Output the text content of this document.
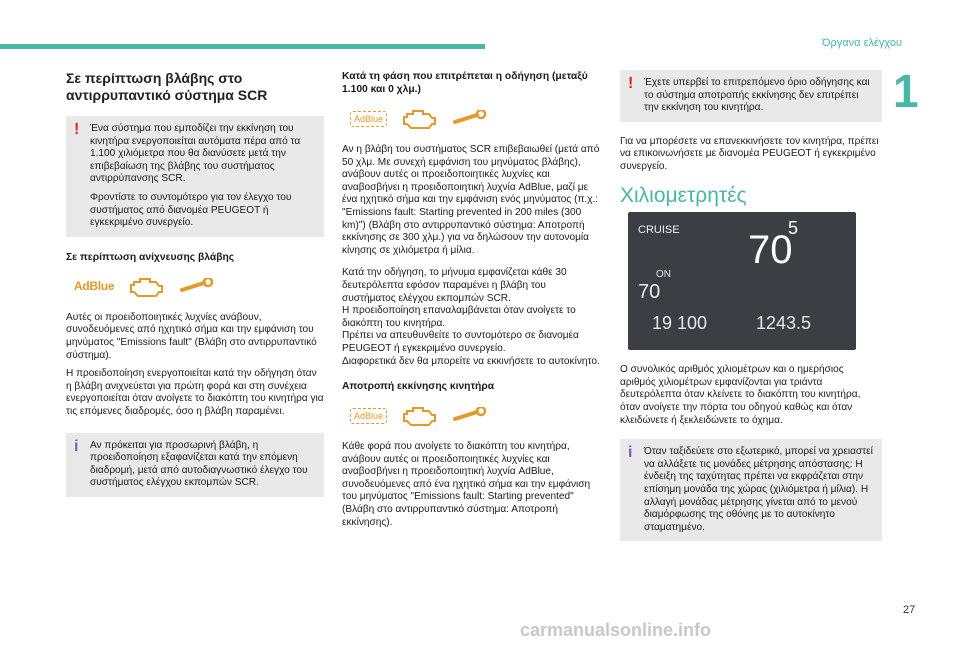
Όργανα ελέγχου
1
27
carmanualsonline.info
Σε περίπτωση βλάβης στο αντιρρυπαντικό σύστημα SCR
! Ένα σύστημα που εμποδίζει την εκκίνηση του κινητήρα ενεργοποιείται αυτόματα πέρα από τα 1.100 χιλιόμετρα που θα διανύσετε μετά την επιβεβαίωση της βλάβης του συστήματος αντιρρύπανσης SCR.

Φροντίστε το συντομότερο για τον έλεγχο του συστήματος από διανομέα PEUGEOT ή εγκεκριμένο συνεργείο.

Σε περίπτωση ανίχνευσης βλάβης
AdBlue

Αυτές οι προειδοποιητικές λυχνίες ανάβουν, συνοδευόμενες από ηχητικό σήμα και την εμφάνιση του μηνύματος "Emissions fault" (Βλάβη στο αντιρρυπαντικό σύστημα).

Η προειδοποίηση ενεργοποιείται κατά την οδήγηση όταν η βλάβη ανιχνεύεται για πρώτη φορά και στη συνέχεια ενεργοποιείται όταν ανοίγετε το διακόπτη του κινητήρα για τις επόμενες διαδρομές, όσο η βλάβη παραμένει.

i Αν πρόκειται για προσωρινή βλάβη, η προειδοποίηση εξαφανίζεται κατά την επόμενη διαδρομή, μετά από αυτοδιαγνωστικό έλεγχο του συστήματος ελέγχου εκπομπών SCR.

Κατά τη φάση που επιτρέπεται η οδήγηση (μεταξύ 1.100 και 0 χλμ.)
AdBlue

Αν η βλάβη του συστήματος SCR επιβεβαιωθεί (μετά από 50 χλμ. Με συνεχή εμφάνιση του μηνύματος βλάβης), ανάβουν αυτές οι προειδοποιητικές λυχνίες και αναβοσβήνει η προειδοποιητική λυχνία AdBlue, μαζί με ένα ηχητικό σήμα και την εμφάνιση ενός μηνύματος (π.χ.: "Emissions fault: Starting prevented in 200 miles (300 km)") (Βλάβη στο αντιρρυπαντικό σύστημα: Αποτροπή εκκίνησης σε 300 χλμ.) για να δηλώσουν την αυτονομία κίνησης σε χιλιόμετρα ή μίλια.

Κατά την οδήγηση, το μήνυμα εμφανίζεται κάθε 30 δευτερόλεπτα εφόσον παραμένει η βλάβη του συστήματος ελέγχου εκπομπών SCR.

Η προειδοποίηση επαναλαμβάνεται όταν ανοίγετε το διακόπτη του κινητήρα.

Πρέπει να απευθυνθείτε το συντομότερο σε διανομέα PEUGEOT ή εγκεκριμένο συνεργείο.

Διαφορετικά δεν θα μπορείτε να εκκινήσετε το αυτοκίνητο.

Αποτροπή εκκίνησης κινητήρα
AdBlue

Κάθε φορά που ανοίγετε το διακόπτη του κινητήρα, ανάβουν αυτές οι προειδοποιητικές λυχνίες και αναβοσβήνει η προειδοποιητική λυχνία AdBlue, συνοδευόμενες από ένα ηχητικό σήμα και την εμφάνιση του μηνύματος "Emissions fault: Starting prevented" (Βλάβη στο αντιρρυπαντικό σύστημα: Αποτροπή εκκίνησης).

! Έχετε υπερβεί το επιτρεπόμενο όριο οδήγησης και το σύστημα αποτροπής εκκίνησης δεν επιτρέπει την εκκίνηση του κινητήρα.

Για να μπορέσετε να επανεκκινήσετε τον κινητήρα, πρέπει να επικοινωνήσετε με διανομέα PEUGEOT ή εγκεκριμένο συνεργείο.

Χιλιομετρητές
CRUISE	5
70
ON
70
19 100	1243.5

Ο συνολικός αριθμός χιλιομέτρων και ο ημερήσιος αριθμός χιλιομέτρων εμφανίζονται για τριάντα δευτερόλεπτα όταν κλείνετε το διακόπτη του κινητήρα, όταν ανοίγετε την πόρτα του οδηγού καθώς και όταν κλειδώνετε ή ξεκλειδώνετε το όχημα.

i Όταν ταξιδεύετε στο εξωτερικό, μπορεί να χρειαστεί να αλλάξετε τις μονάδες μέτρησης απόστασης: Η ένδειξη της ταχύτητας πρέπει να εκφράζεται στην επίσημη μονάδα της χώρας (χιλιόμετρα ή μίλια). Η αλλαγή μονάδας μέτρησης γίνεται από το μενού διαμόρφωσης της οθόνης με το αυτοκίνητο σταματημένο.
